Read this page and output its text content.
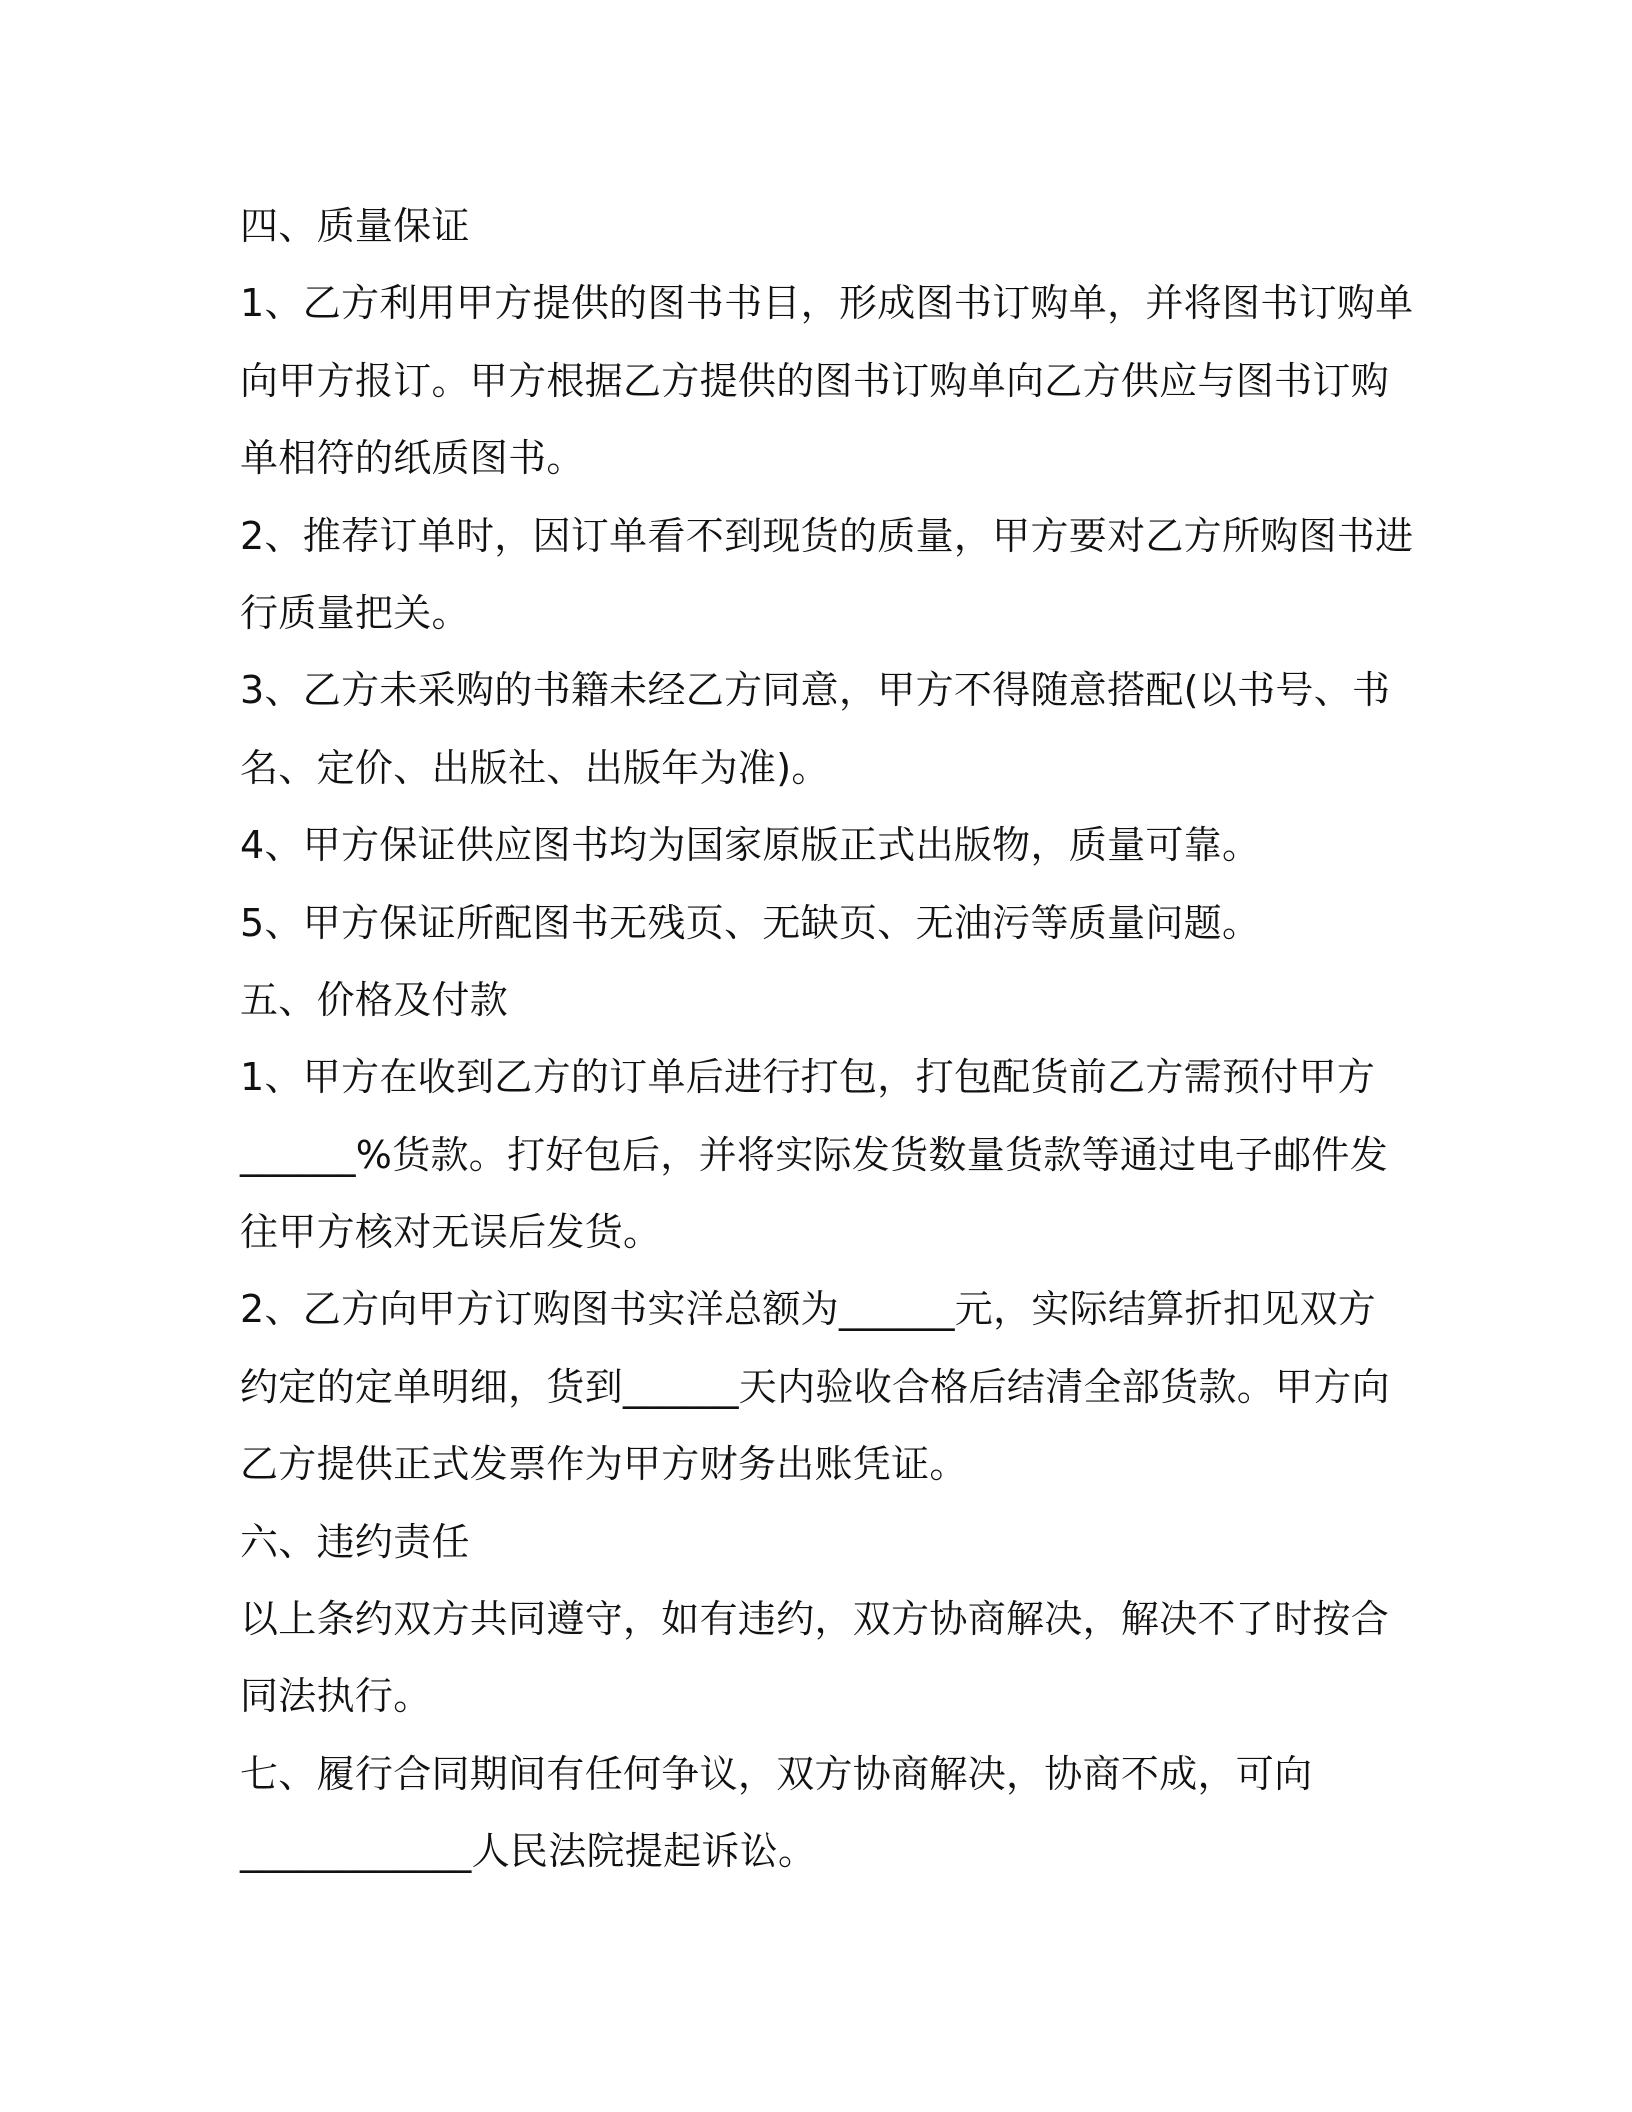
四、质量保证
1、乙方利用甲方提供的图书书目，形成图书订购单，并将图书订购单
向甲方报订。甲方根据乙方提供的图书订购单向乙方供应与图书订购
单相符的纸质图书。
2、推荐订单时，因订单看不到现货的质量，甲方要对乙方所购图书进
行质量把关。
3、乙方未采购的书籍未经乙方同意，甲方不得随意搭配(以书号、书
名、定价、出版社、出版年为准)。
4、甲方保证供应图书均为国家原版正式出版物，质量可靠。
5、甲方保证所配图书无残页、无缺页、无油污等质量问题。
五、价格及付款
1、甲方在收到乙方的订单后进行打包，打包配货前乙方需预付甲方
______%货款。打好包后，并将实际发货数量货款等通过电子邮件发
往甲方核对无误后发货。
2、乙方向甲方订购图书实洋总额为______元，实际结算折扣见双方
约定的定单明细，货到______天内验收合格后结清全部货款。甲方向
乙方提供正式发票作为甲方财务出账凭证。
六、违约责任
以上条约双方共同遵守，如有违约，双方协商解决，解决不了时按合
同法执行。
七、履行合同期间有任何争议，双方协商解决，协商不成，可向
____________人民法院提起诉讼。
